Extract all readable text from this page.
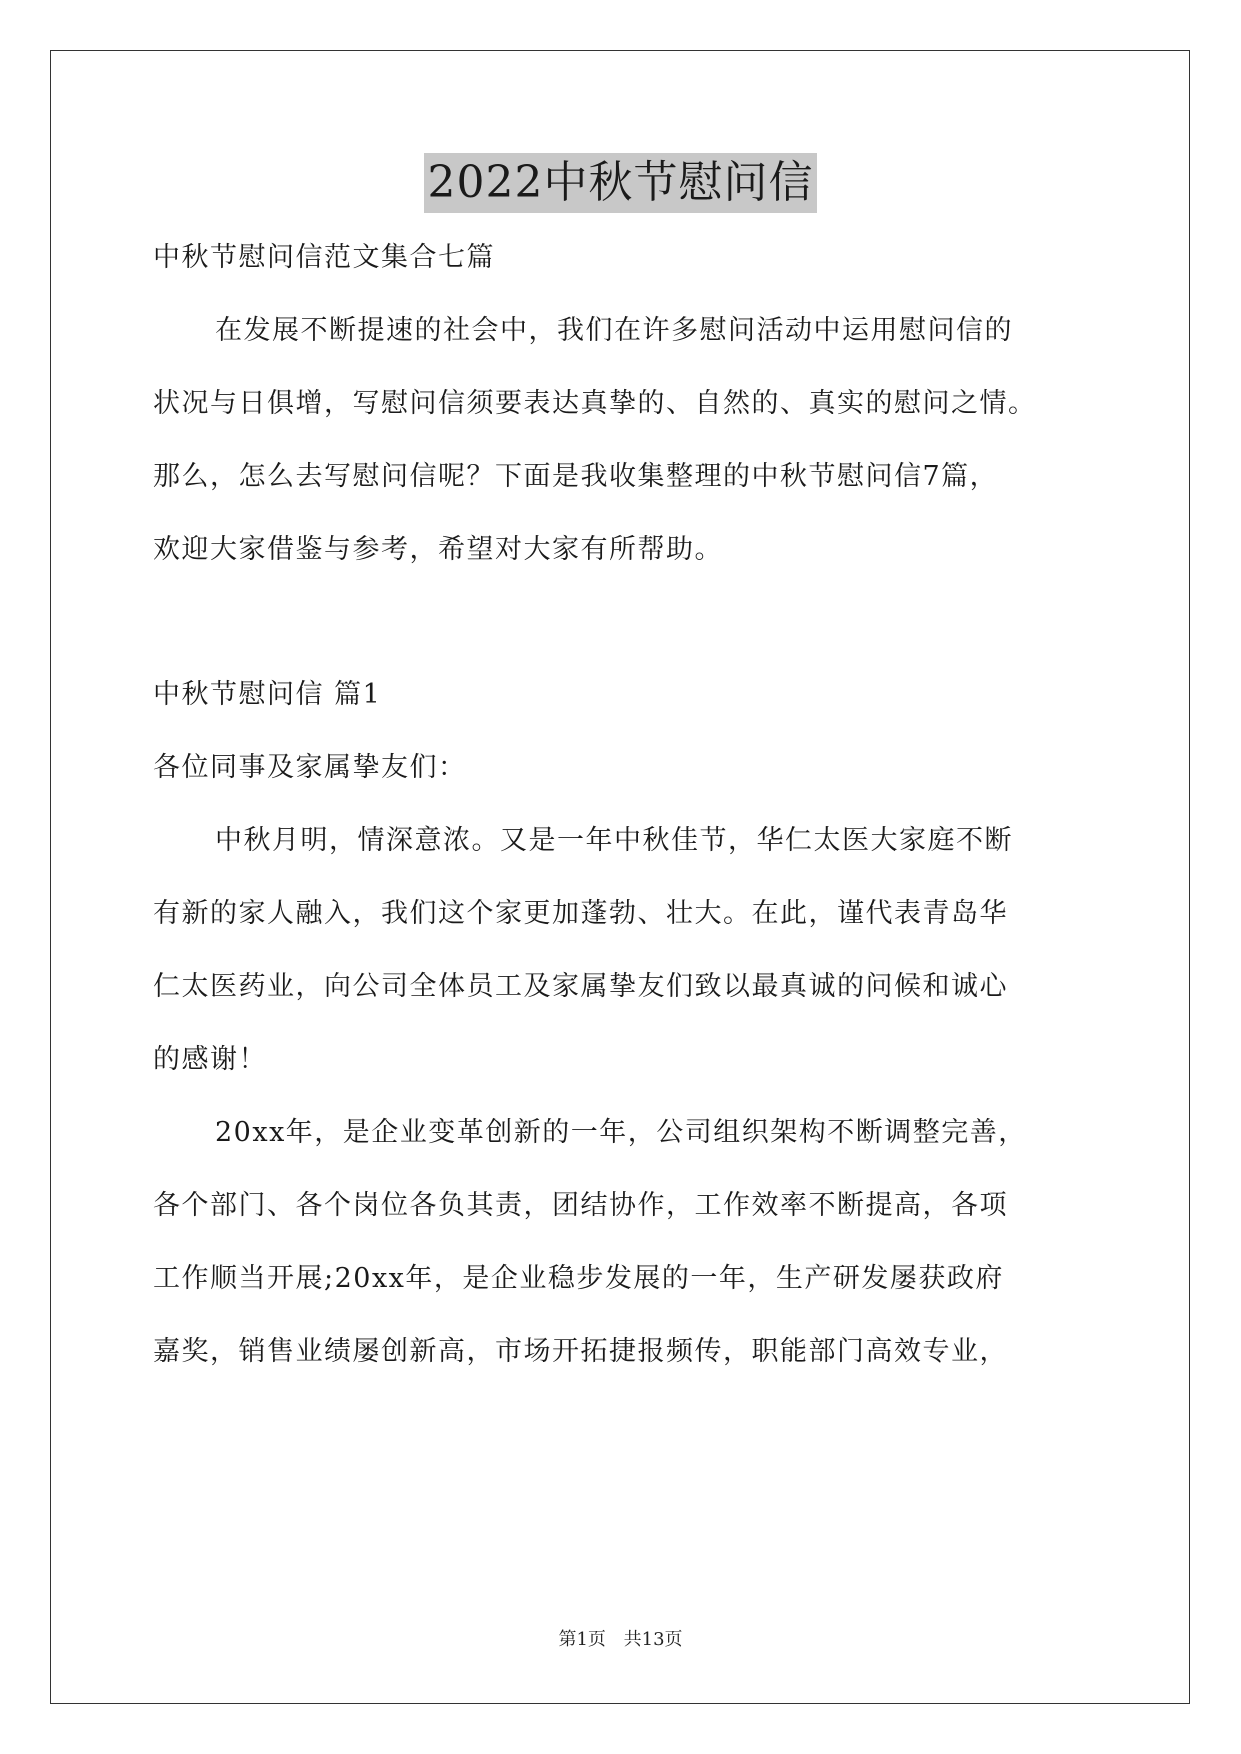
2022中秋节慰问信
中秋节慰问信范文集合七篇
在发展不断提速的社会中，我们在许多慰问活动中运用慰问信的
状况与日俱增，写慰问信须要表达真挚的、自然的、真实的慰问之情。
那么，怎么去写慰问信呢？下面是我收集整理的中秋节慰问信7篇，
欢迎大家借鉴与参考，希望对大家有所帮助。
中秋节慰问信 篇1
各位同事及家属挚友们：
中秋月明，情深意浓。又是一年中秋佳节，华仁太医大家庭不断
有新的家人融入，我们这个家更加蓬勃、壮大。在此，谨代表青岛华
仁太医药业，向公司全体员工及家属挚友们致以最真诚的问候和诚心
的感谢！
20xx年，是企业变革创新的一年，公司组织架构不断调整完善，
各个部门、各个岗位各负其责，团结协作，工作效率不断提高，各项
工作顺当开展;20xx年，是企业稳步发展的一年，生产研发屡获政府
嘉奖，销售业绩屡创新高，市场开拓捷报频传，职能部门高效专业，
第1页 共13页
